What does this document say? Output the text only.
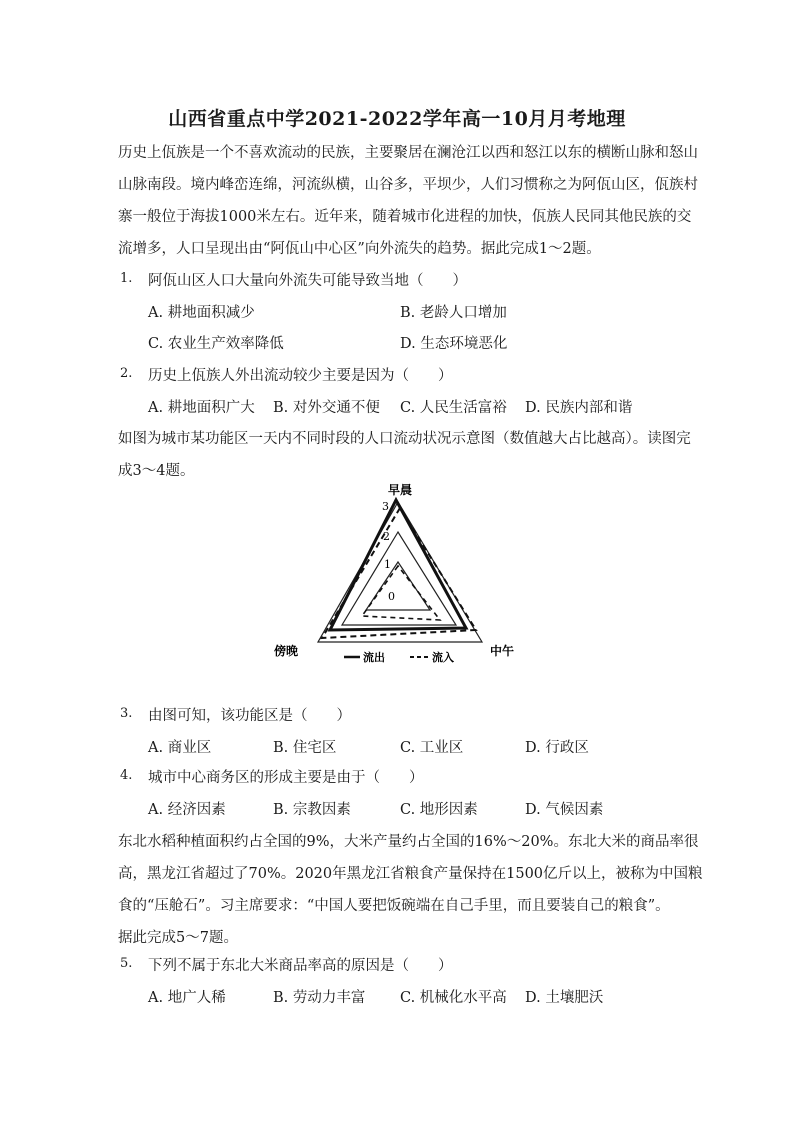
山西省重点中学2021-2022学年高一10月月考地理
历史上佤族是一个不喜欢流动的民族，主要聚居在澜沧江以西和怒江以东的横断山脉和怒山
山脉南段。境内峰峦连绵，河流纵横，山谷多，平坝少，人们习惯称之为阿佤山区，佤族村
寨一般位于海拔1000米左右。近年来，随着城市化进程的加快，佤族人民同其他民族的交
流增多，人口呈现出由“阿佤山中心区”向外流失的趋势。据此完成1～2题。
1. 阿佤山区人口大量向外流失可能导致当地（　　）
A. 耕地面积减少	B. 老龄人口增加
C. 农业生产效率降低	D. 生态环境恶化
2. 历史上佤族人外出流动较少主要是因为（　　）
A. 耕地面积广大 B. 对外交通不便 C. 人民生活富裕 D. 民族内部和谐
如图为城市某功能区一天内不同时段的人口流动状况示意图（数值越大占比越高）。读图完
成3～4题。
早晨
3
2
1
0
傍晚	中午
流出	流入
3. 由图可知，该功能区是（　　）
A. 商业区	B. 住宅区	C. 工业区	D. 行政区
4. 城市中心商务区的形成主要是由于（　　）
A. 经济因素	B. 宗教因素	C. 地形因素	D. 气候因素
东北水稻种植面积约占全国的9%，大米产量约占全国的16%～20%。东北大米的商品率很
高，黑龙江省超过了70%。2020年黑龙江省粮食产量保持在1500亿斤以上，被称为中国粮
食的“压舱石”。习主席要求：“中国人要把饭碗端在自己手里，而且要装自己的粮食”。
据此完成5～7题。
5. 下列不属于东北大米商品率高的原因是（　　）
A. 地广人稀	B. 劳动力丰富 C. 机械化水平高 D. 土壤肥沃
